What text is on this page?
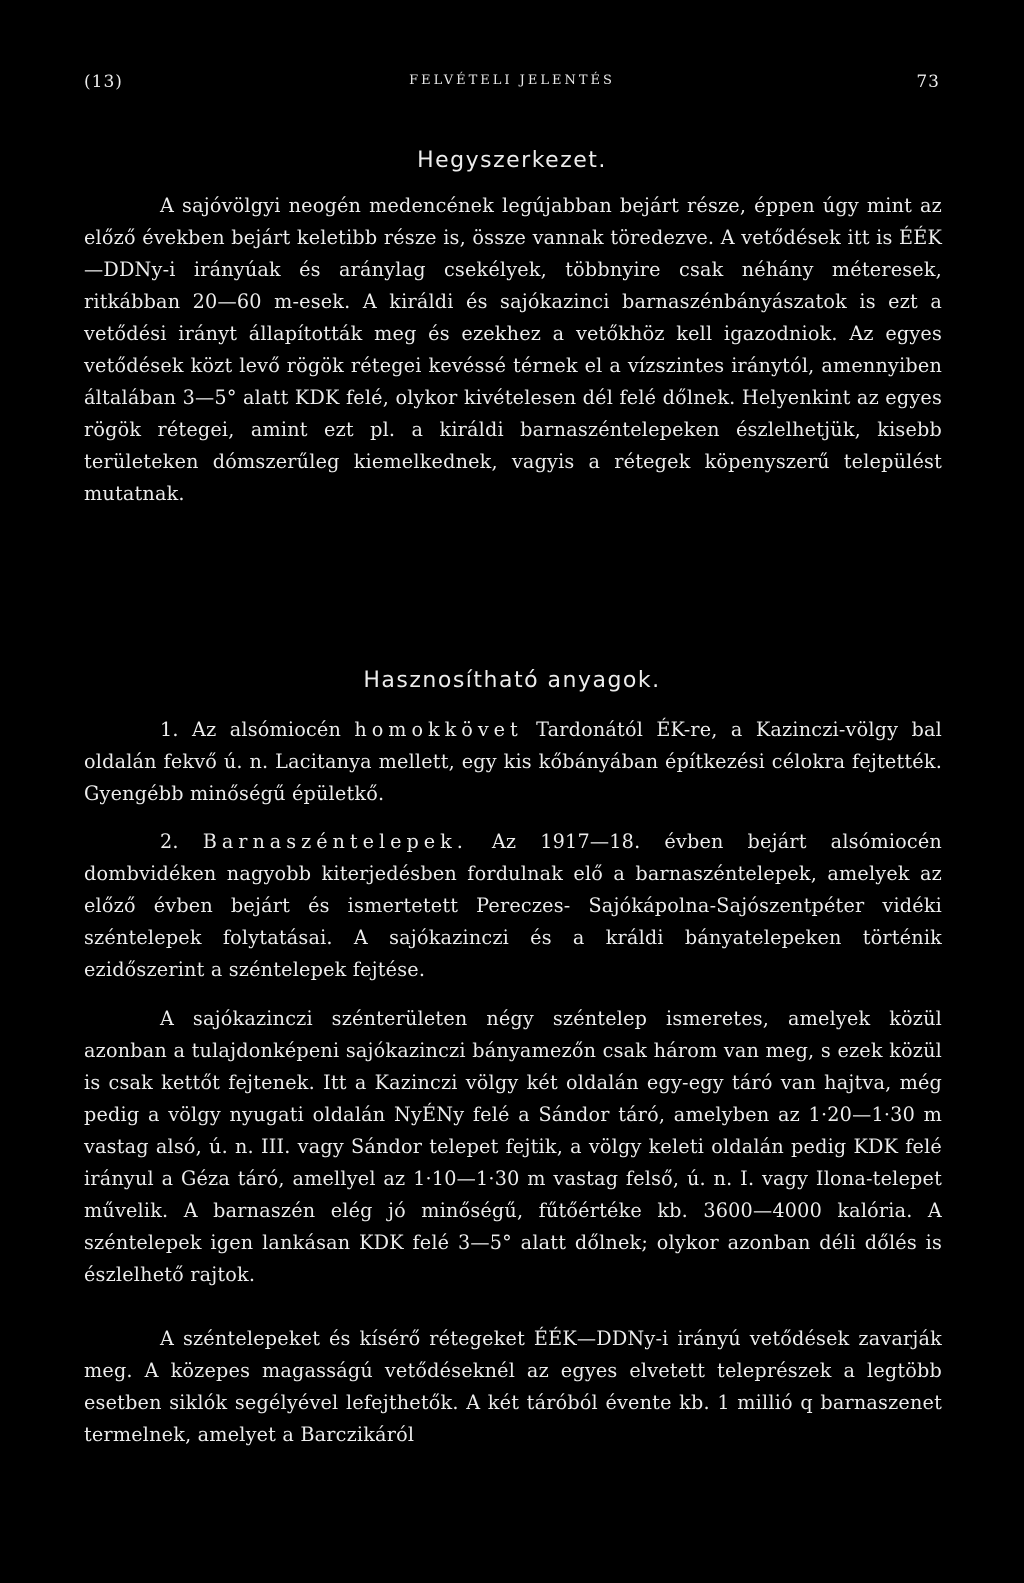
(13)	FELVÉTELI JELENTÉS	73
Hegyszerkezet.

A sajóvölgyi neogén medencének legújabban bejárt része, éppen úgy mint az előző években bejárt keletibb része is, össze vannak töredezve. A vetődések itt is ÉÉK—DDNy-i irányúak és aránylag csekélyek, többnyire csak néhány méteresek, ritkábban 20—60 m-esek. A királdi és sajókazinci barnaszénbányászatok is ezt a vetődési irányt állapították meg és ezekhez a vetőkhöz kell igazodniok. Az egyes vetődések közt levő rögök rétegei kevéssé térnek el a vízszintes iránytól, amennyiben általában 3—5° alatt KDK felé, olykor kivételesen dél felé dőlnek. Helyenkint az egyes rögök rétegei, amint ezt pl. a királdi barnaszéntelepeken észlelhetjük, kisebb területeken dómszerűleg kiemelkednek, vagyis a rétegek köpenyszerű települést mutatnak.

Hasznosítható anyagok.

1. Az alsómiocén homokkövet Tardonától ÉK-re, a Kazinczi-völgy bal oldalán fekvő ú. n. Lacitanya mellett, egy kis kőbányában építkezési célokra fejtették. Gyengébb minőségű épületkő.

2. Barnaszéntelepek. Az 1917—18. évben bejárt alsómiocén dombvidéken nagyobb kiterjedésben fordulnak elő a barnaszéntelepek, amelyek az előző évben bejárt és ismertetett Pereczes- Sajókápolna-Sajószentpéter vidéki széntelepek folytatásai. A sajókazinczi és a králdi bányatelepeken történik ezidőszerint a széntelepek fejtése.

A sajókazinczi szénterületen négy széntelep ismeretes, amelyek közül azonban a tulajdonképeni sajókazinczi bányamezőn csak három van meg, s ezek közül is csak kettőt fejtenek. Itt a Kazinczi völgy két oldalán egy-egy táró van hajtva, még pedig a völgy nyugati oldalán NyÉNy felé a Sándor táró, amelyben az 1·20—1·30 m vastag alsó, ú. n. III. vagy Sándor telepet fejtik, a völgy keleti oldalán pedig KDK felé irányul a Géza táró, amellyel az 1·10—1·30 m vastag felső, ú. n. I. vagy Ilona-telepet művelik. A barnaszén elég jó minőségű, fűtőértéke kb. 3600—4000 kalória. A széntelepek igen lankásan KDK felé 3—5° alatt dőlnek; olykor azonban déli dőlés is észlelhető rajtok.

A széntelepeket és kísérő rétegeket ÉÉK—DDNy-i irányú vetődések zavarják meg. A közepes magasságú vetődéseknél az egyes elvetett teleprészek a legtöbb esetben siklók segélyével lefejthetők. A két táróból évente kb. 1 millió q barnaszenet termelnek, amelyet a Barczikáról
